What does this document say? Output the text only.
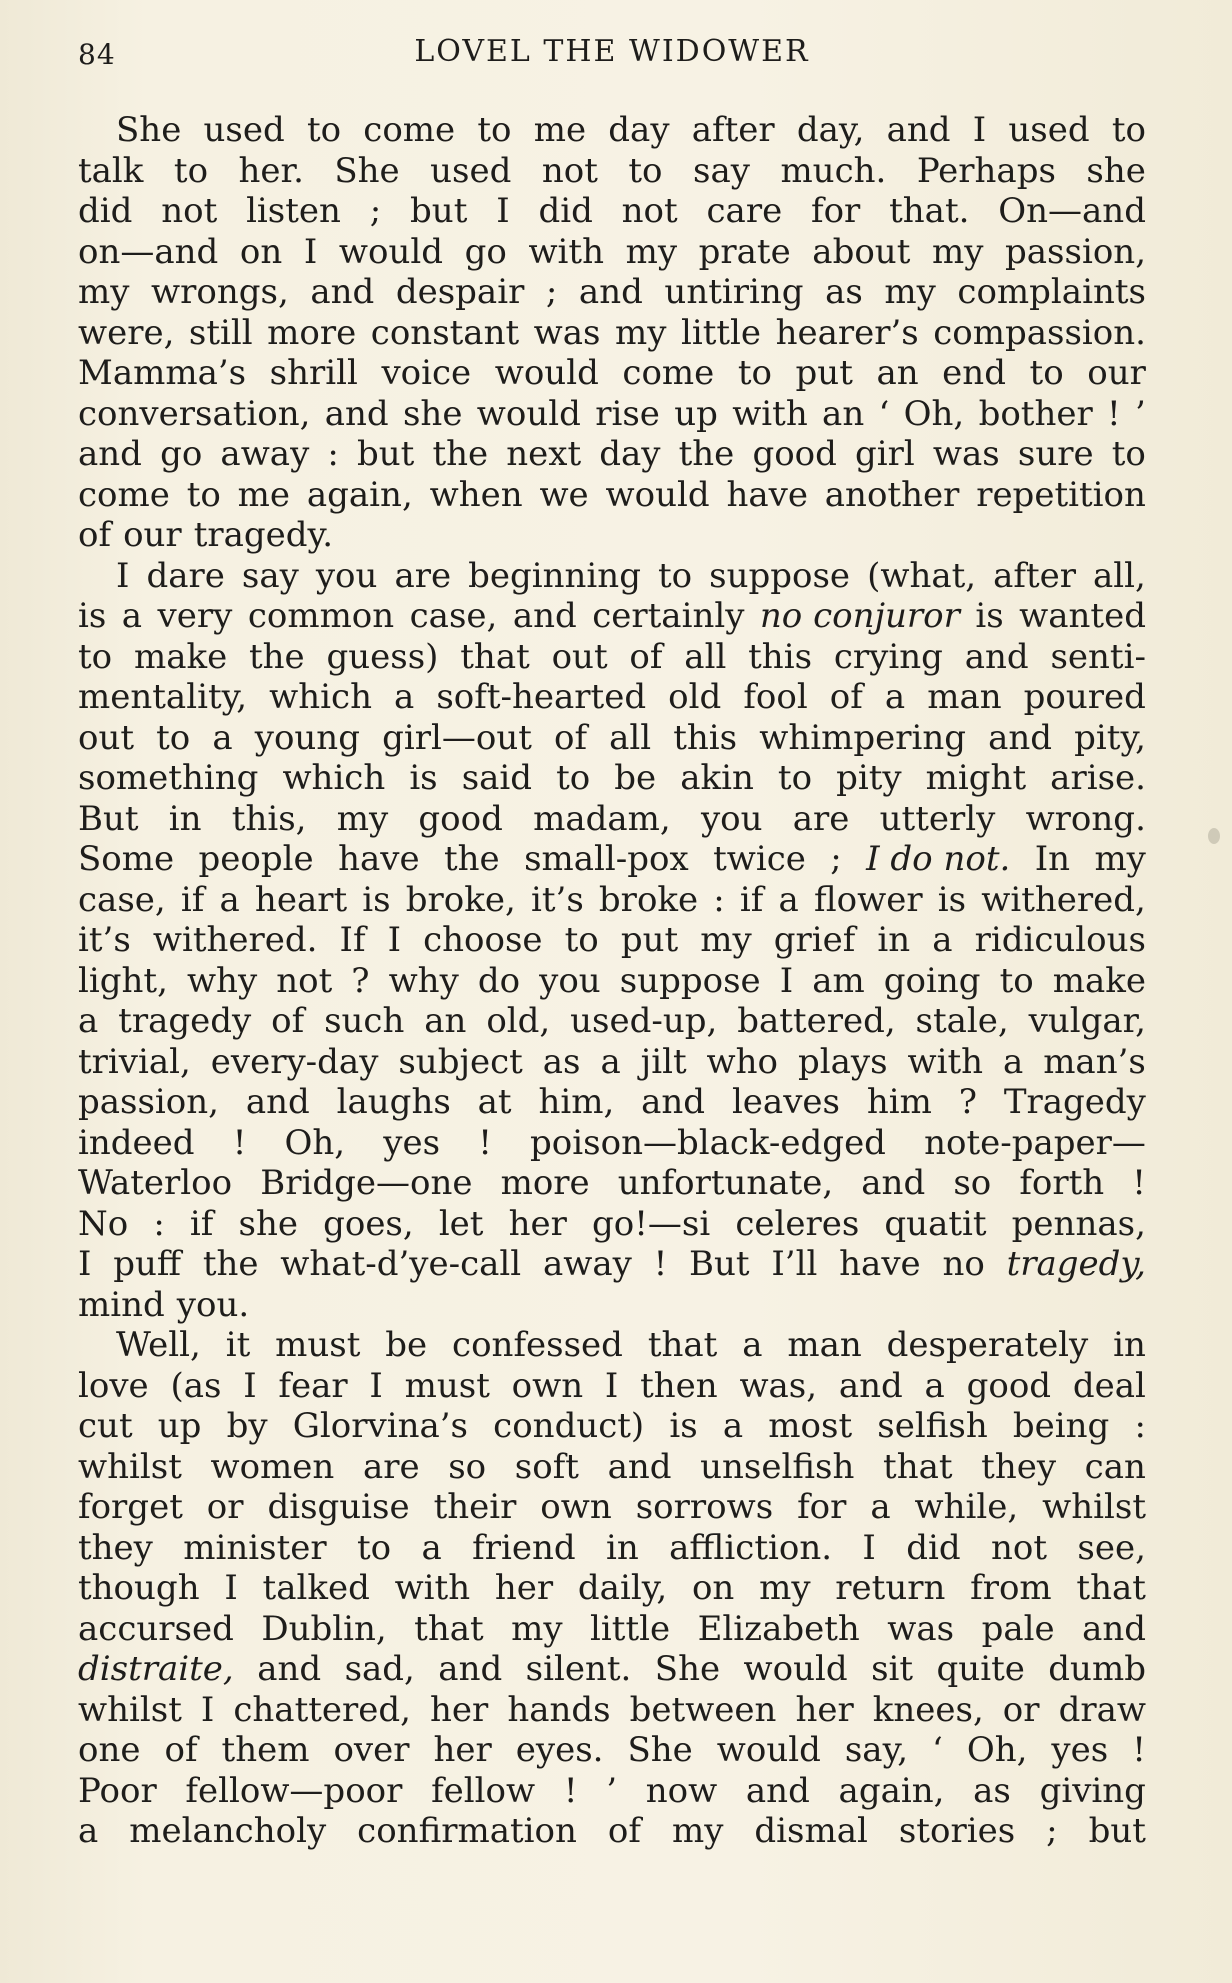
84	LOVEL THE WIDOWER
She used to come to me day after day, and I used to
talk to her. She used not to say much. Perhaps she
did not listen ; but I did not care for that. On—and
on—and on I would go with my prate about my passion,
my wrongs, and despair ; and untiring as my complaints
were, still more constant was my little hearer’s compassion.
Mamma’s shrill voice would come to put an end to our
conversation, and she would rise up with an ‘ Oh, bother ! ’
and go away : but the next day the good girl was sure to
come to me again, when we would have another repetition
of our tragedy.
I dare say you are beginning to suppose (what, after all,
is a very common case, and certainly no conjuror is wanted
to make the guess) that out of all this crying and senti-
mentality, which a soft-hearted old fool of a man poured
out to a young girl—out of all this whimpering and pity,
something which is said to be akin to pity might arise.
But in this, my good madam, you are utterly wrong.
Some people have the small-pox twice ; I do not. In my
case, if a heart is broke, it’s broke : if a flower is withered,
it’s withered. If I choose to put my grief in a ridiculous
light, why not ? why do you suppose I am going to make
a tragedy of such an old, used-up, battered, stale, vulgar,
trivial, every-day subject as a jilt who plays with a man’s
passion, and laughs at him, and leaves him ? Tragedy
indeed ! Oh, yes ! poison—black-edged note-paper—
Waterloo Bridge—one more unfortunate, and so forth !
No : if she goes, let her go!—si celeres quatit pennas,
I puff the what-d’ye-call away ! But I’ll have no tragedy,
mind you.
Well, it must be confessed that a man desperately in
love (as I fear I must own I then was, and a good deal
cut up by Glorvina’s conduct) is a most selfish being :
whilst women are so soft and unselfish that they can
forget or disguise their own sorrows for a while, whilst
they minister to a friend in affliction. I did not see,
though I talked with her daily, on my return from that
accursed Dublin, that my little Elizabeth was pale and
distraite, and sad, and silent. She would sit quite dumb
whilst I chattered, her hands between her knees, or draw
one of them over her eyes. She would say, ‘ Oh, yes !
Poor fellow—poor fellow ! ’ now and again, as giving
a melancholy confirmation of my dismal stories ; but
